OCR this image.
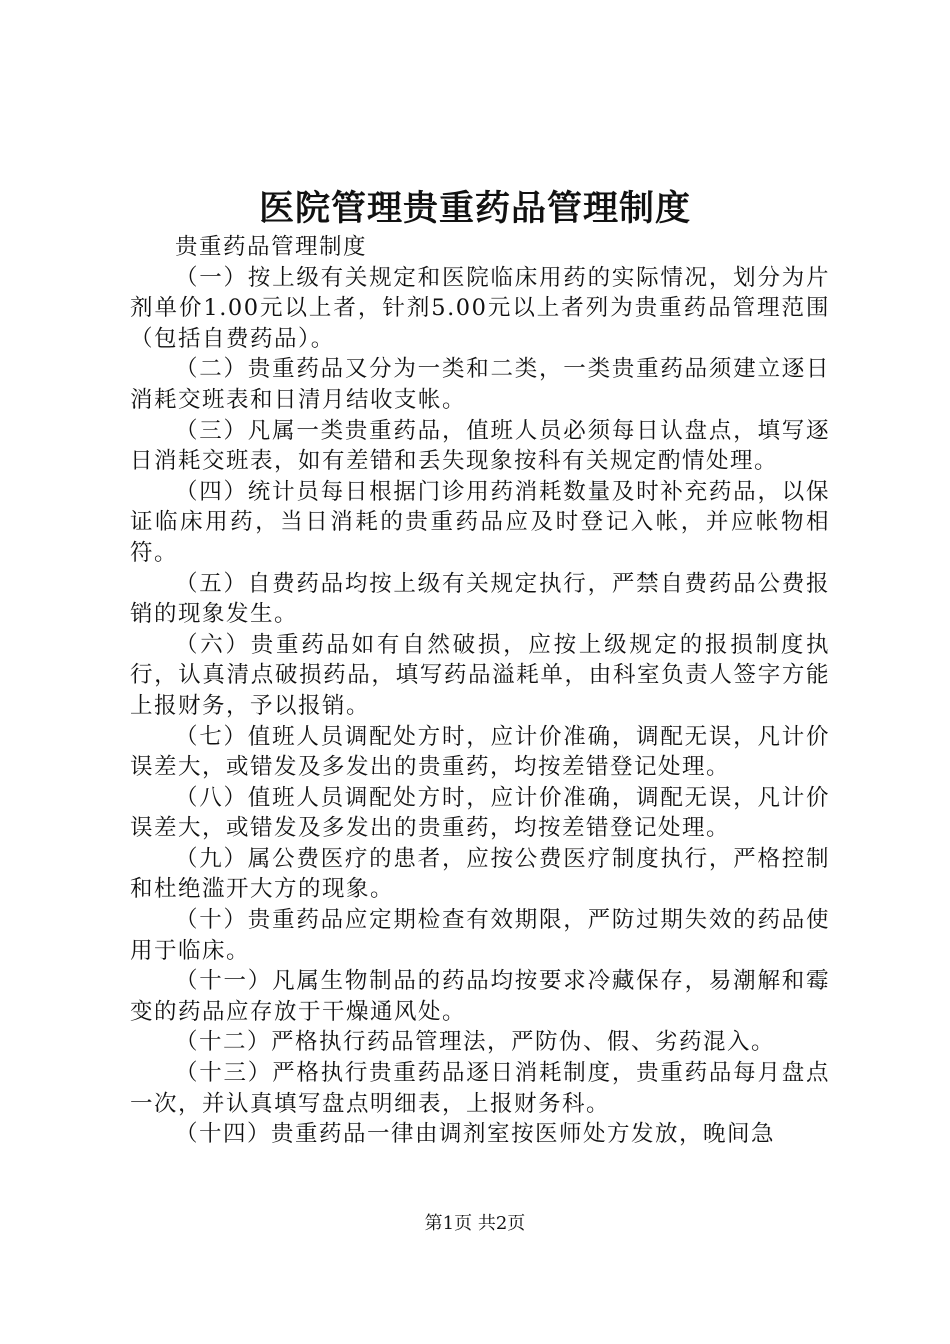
医院管理贵重药品管理制度

贵重药品管理制度

（一）按上级有关规定和医院临床用药的实际情况，划分为片剂单价1.00元以上者，针剂5.00元以上者列为贵重药品管理范围（包括自费药品）。

（二）贵重药品又分为一类和二类，一类贵重药品须建立逐日消耗交班表和日清月结收支帐。

（三）凡属一类贵重药品，值班人员必须每日认盘点，填写逐日消耗交班表，如有差错和丢失现象按科有关规定酌情处理。

（四）统计员每日根据门诊用药消耗数量及时补充药品，以保证临床用药，当日消耗的贵重药品应及时登记入帐，并应帐物相符。

（五）自费药品均按上级有关规定执行，严禁自费药品公费报销的现象发生。

（六）贵重药品如有自然破损，应按上级规定的报损制度执行，认真清点破损药品，填写药品溢耗单，由科室负责人签字方能上报财务，予以报销。

（七）值班人员调配处方时，应计价准确，调配无误，凡计价误差大，或错发及多发出的贵重药，均按差错登记处理。

（八）值班人员调配处方时，应计价准确，调配无误，凡计价误差大，或错发及多发出的贵重药，均按差错登记处理。

（九）属公费医疗的患者，应按公费医疗制度执行，严格控制和杜绝滥开大方的现象。

（十）贵重药品应定期检查有效期限，严防过期失效的药品使用于临床。

（十一）凡属生物制品的药品均按要求冷藏保存，易潮解和霉变的药品应存放于干燥通风处。

（十二）严格执行药品管理法，严防伪、假、劣药混入。

（十三）严格执行贵重药品逐日消耗制度，贵重药品每月盘点一次，并认真填写盘点明细表，上报财务科。

（十四）贵重药品一律由调剂室按医师处方发放，晚间急

第1页 共2页
